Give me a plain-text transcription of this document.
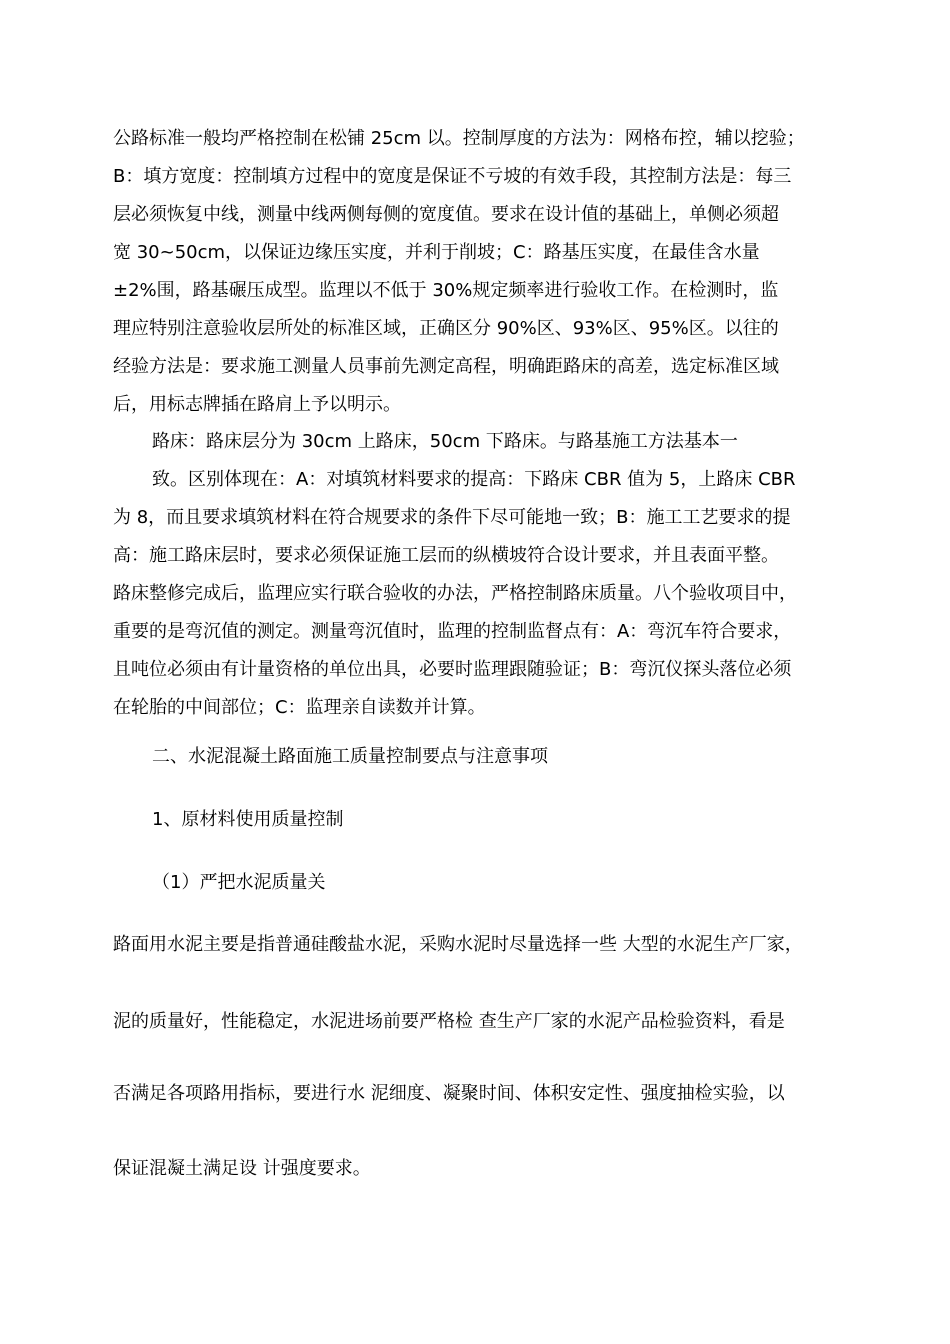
公路标准一般均严格控制在松铺 25cm 以。控制厚度的方法为：网格布控，辅以挖验；
B：填方宽度：控制填方过程中的宽度是保证不亏坡的有效手段，其控制方法是：每三
层必须恢复中线，测量中线两侧每侧的宽度值。要求在设计值的基础上，单侧必须超
宽 30~50cm，以保证边缘压实度，并利于削坡；C：路基压实度，在最佳含水量
±2%围，路基碾压成型。监理以不低于 30%规定频率进行验收工作。在检测时，监
理应特别注意验收层所处的标准区域，正确区分 90%区、93%区、95%区。以往的
经验方法是：要求施工测量人员事前先测定高程，明确距路床的高差，选定标准区域
后，用标志牌插在路肩上予以明示。
路床：路床层分为 30cm 上路床，50cm 下路床。与路基施工方法基本一
致。区别体现在：A：对填筑材料要求的提高：下路床 CBR 值为 5，上路床 CBR
为 8，而且要求填筑材料在符合规要求的条件下尽可能地一致；B：施工工艺要求的提
高：施工路床层时，要求必须保证施工层而的纵横坡符合设计要求，并且表面平整。
路床整修完成后，监理应实行联合验收的办法，严格控制路床质量。八个验收项目中，
重要的是弯沉值的测定。测量弯沉值时，监理的控制监督点有：A：弯沉车符合要求，
且吨位必须由有计量资格的单位出具，必要时监理跟随验证；B：弯沉仪探头落位必须
在轮胎的中间部位；C：监理亲自读数并计算。
二、水泥混凝土路面施工质量控制要点与注意事项
1、原材料使用质量控制
（1）严把水泥质量关
路面用水泥主要是指普通硅酸盐水泥，采购水泥时尽量选择一些 大型的水泥生产厂家，
泥的质量好，性能稳定，水泥进场前要严格检 查生产厂家的水泥产品检验资料，看是
否满足各项路用指标，要进行水 泥细度、凝聚时间、体积安定性、强度抽检实验，以
保证混凝土满足设 计强度要求。
